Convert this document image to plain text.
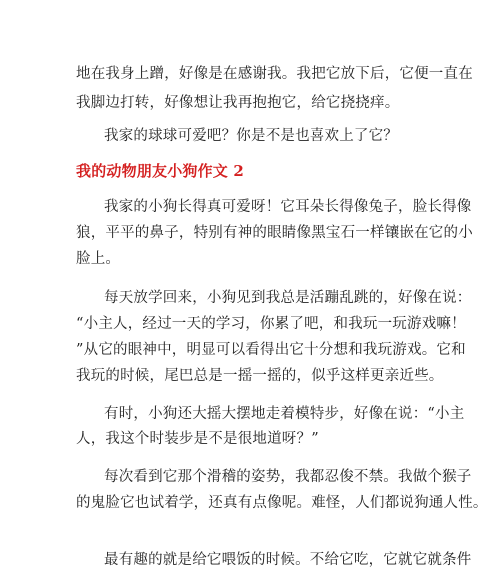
地在我身上蹭，好像是在感谢我。我把它放下后，它便一直在
我脚边打转，好像想让我再抱抱它，给它挠挠痒。
我家的球球可爱吧？你是不是也喜欢上了它？
我的动物朋友小狗作文 2
我家的小狗长得真可爱呀！它耳朵长得像兔子，脸长得像
狼，平平的鼻子，特别有神的眼睛像黑宝石一样镶嵌在它的小
脸上。
每天放学回来，小狗见到我总是活蹦乱跳的，好像在说：
“小主人，经过一天的学习，你累了吧，和我玩一玩游戏嘛！
”从它的眼神中，明显可以看得出它十分想和我玩游戏。它和
我玩的时候，尾巴总是一摇一摇的，似乎这样更亲近些。
有时，小狗还大摇大摆地走着模特步，好像在说：“小主
人，我这个时装步是不是很地道呀？”
每次看到它那个滑稽的姿势，我都忍俊不禁。我做个猴子
的鬼脸它也试着学，还真有点像呢。难怪，人们都说狗通人性。
最有趣的就是给它喂饭的时候。不给它吃，它就它就条件
